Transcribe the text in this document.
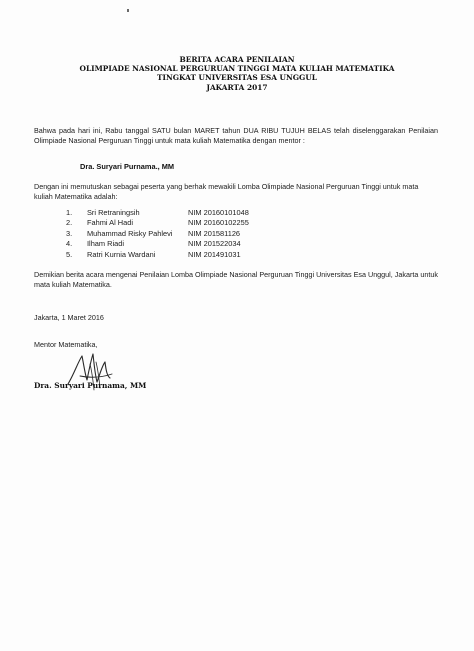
BERITA ACARA PENILAIAN
OLIMPIADE NASIONAL PERGURUAN TINGGI MATA KULIAH MATEMATIKA
TINGKAT UNIVERSITAS ESA UNGGUL
JAKARTA 2017
Bahwa pada hari ini, Rabu tanggal SATU bulan MARET tahun DUA RIBU TUJUH BELAS telah diselenggarakan Penilaian Olimpiade Nasional Perguruan Tinggi untuk mata kuliah Matematika dengan mentor :
Dra. Suryari Purnama., MM
Dengan ini memutuskan sebagai peserta yang berhak mewakili Lomba Olimpiade Nasional Perguruan Tinggi untuk mata kuliah Matematika adalah:
1.	Sri Retraningsih	NIM 20160101048
2.	Fahmi Al Hadi	NIM 20160102255
3.	Muhammad Risky Pahlevi NIM 201581126
4.	Ilham Riadi	NIM 201522034
5.	Ratri Kurnia Wardani	NIM 201491031
Demikian berita acara mengenai Penilaian Lomba Olimpiade Nasional Perguruan Tinggi Universitas Esa Unggul, Jakarta untuk mata kuliah Matematika.
Jakarta, 1 Maret 2016
Mentor Matematika,
Dra. Suryari Purnama, MM
